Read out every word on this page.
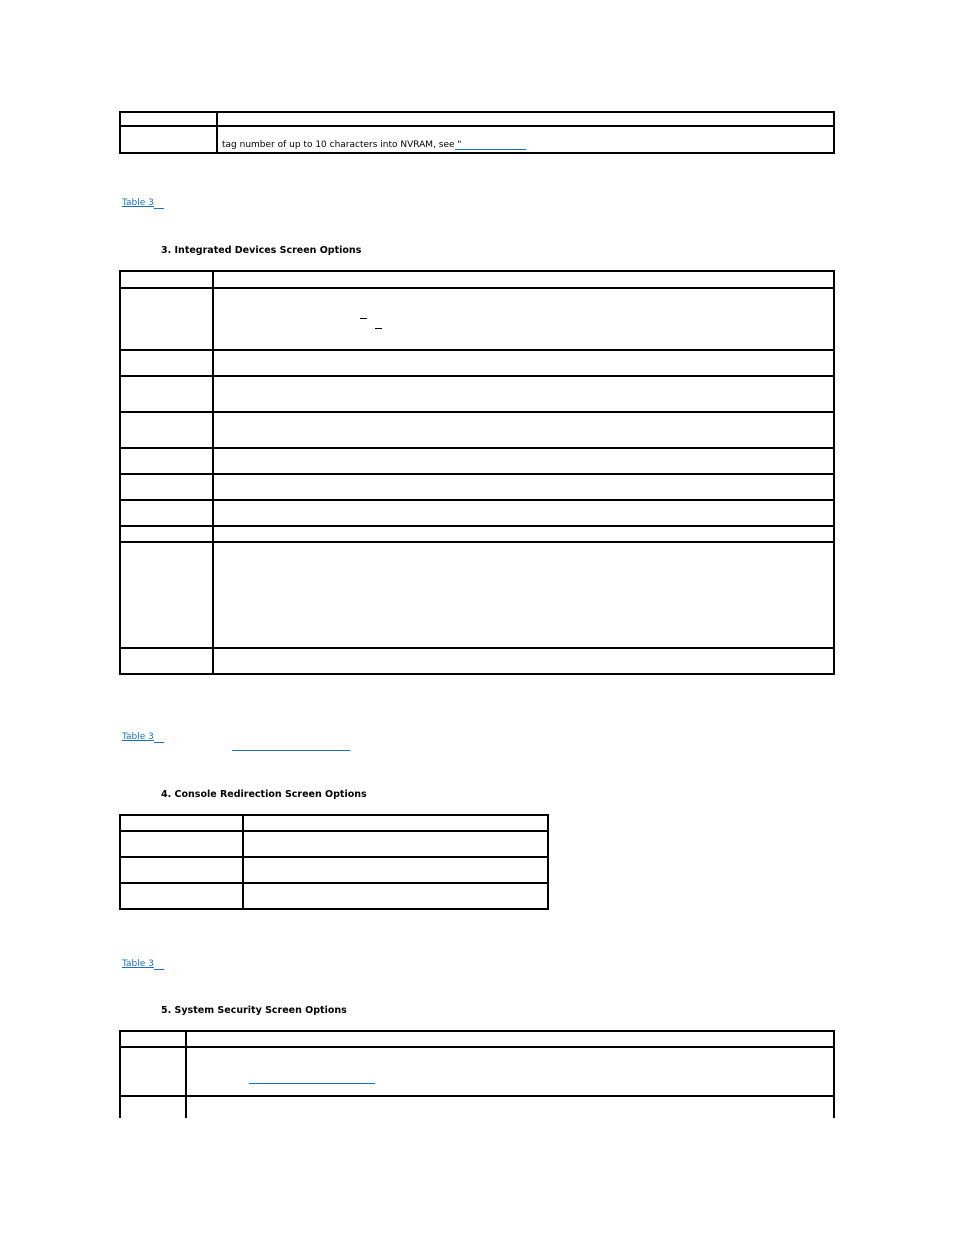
	tag number of up to 10 characters into NVRAM, see "
Table 3
3. Integrated Devices Screen Options

Table 3
4. Console Redirection Screen Options

Table 3
5. System Security Screen Options
